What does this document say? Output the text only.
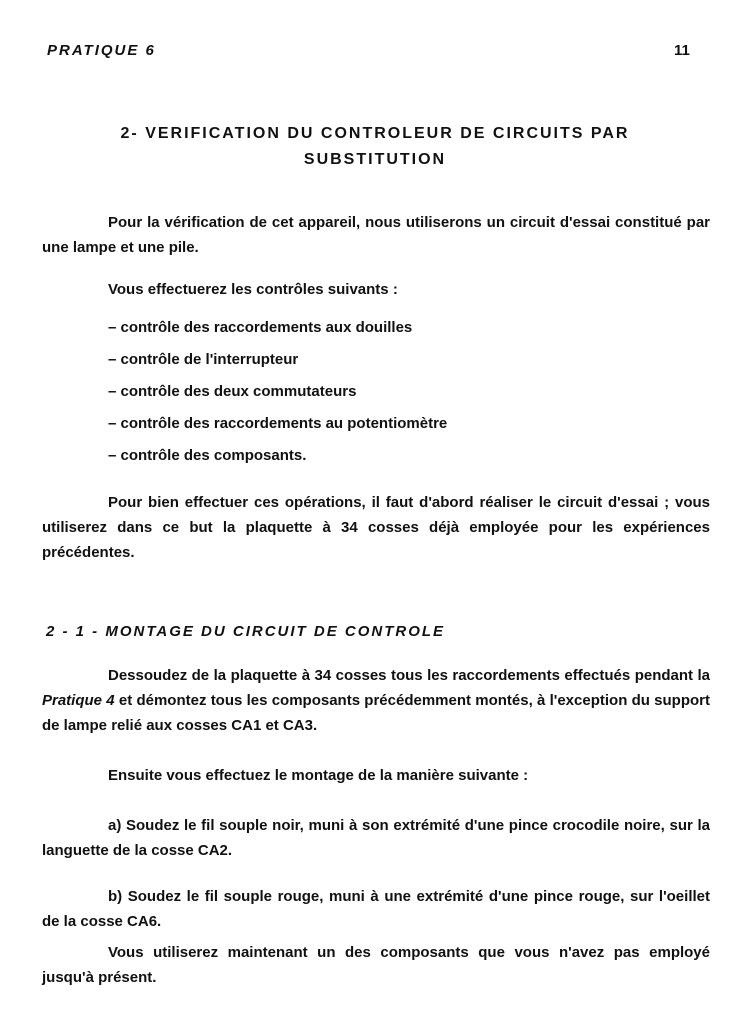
PRATIQUE 6	11
2- VERIFICATION DU CONTROLEUR DE CIRCUITS PAR
SUBSTITUTION
Pour la vérification de cet appareil, nous utiliserons un circuit d'essai constitué par une lampe et une pile.
Vous effectuerez les contrôles suivants :
– contrôle des raccordements aux douilles
– contrôle de l'interrupteur
– contrôle des deux commutateurs
– contrôle des raccordements au potentiomètre
– contrôle des composants.
Pour bien effectuer ces opérations, il faut d'abord réaliser le circuit d'essai ; vous utiliserez dans ce but la plaquette à 34 cosses déjà employée pour les expériences précédentes.
2 - 1 - MONTAGE DU CIRCUIT DE CONTROLE
Dessoudez de la plaquette à 34 cosses tous les raccordements effectués pendant la Pratique 4 et démontez tous les composants précédemment montés, à l'exception du support de lampe relié aux cosses CA1 et CA3.
Ensuite vous effectuez le montage de la manière suivante :
a) Soudez le fil souple noir, muni à son extrémité d'une pince crocodile noire, sur la languette de la cosse CA2.
b) Soudez le fil souple rouge, muni à une extrémité d'une pince rouge, sur l'oeillet de la cosse CA6.
Vous utiliserez maintenant un des composants que vous n'avez pas employé jusqu'à présent.
